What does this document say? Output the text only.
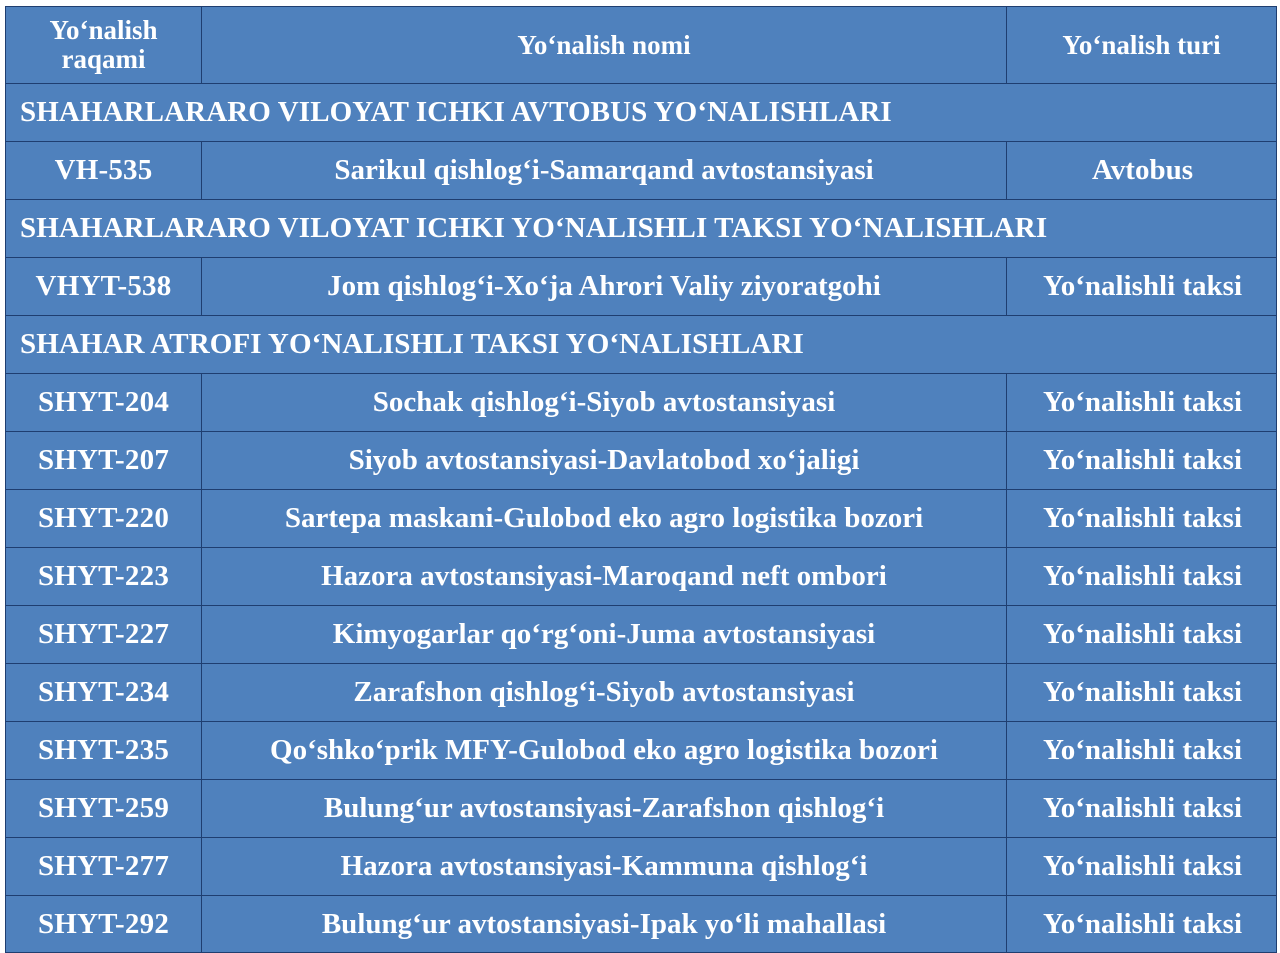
Yo‘nalish raqami	Yo‘nalish nomi	Yo‘nalish turi
SHAHARLARARO VILOYAT ICHKI AVTOBUS YO‘NALISHLARI		
VH-535	Sarikul qishlog‘i-Samarqand avtostansiyasi	Avtobus
SHAHARLARARO VILOYAT ICHKI YO‘NALISHLI TAKSI YO‘NALISHLARI		
VHYT-538	Jom qishlog‘i-Xo‘ja Ahrori Valiy ziyoratgohi	Yo‘nalishli taksi
SHAHAR ATROFI YO‘NALISHLI TAKSI YO‘NALISHLARI		
SHYT-204	Sochak qishlog‘i-Siyob avtostansiyasi	Yo‘nalishli taksi
SHYT-207	Siyob avtostansiyasi-Davlatobod xo‘jaligi	Yo‘nalishli taksi
SHYT-220	Sartepa maskani-Gulobod eko agro logistika bozori	Yo‘nalishli taksi
SHYT-223	Hazora avtostansiyasi-Maroqand neft ombori	Yo‘nalishli taksi
SHYT-227	Kimyogarlar qo‘rg‘oni-Juma avtostansiyasi	Yo‘nalishli taksi
SHYT-234	Zarafshon qishlog‘i-Siyob avtostansiyasi	Yo‘nalishli taksi
SHYT-235	Qo‘shko‘prik MFY-Gulobod eko agro logistika bozori	Yo‘nalishli taksi
SHYT-259	Bulung‘ur avtostansiyasi-Zarafshon qishlog‘i	Yo‘nalishli taksi
SHYT-277	Hazora avtostansiyasi-Kammuna qishlog‘i	Yo‘nalishli taksi
SHYT-292	Bulung‘ur avtostansiyasi-Ipak yo‘li mahallasi	Yo‘nalishli taksi
